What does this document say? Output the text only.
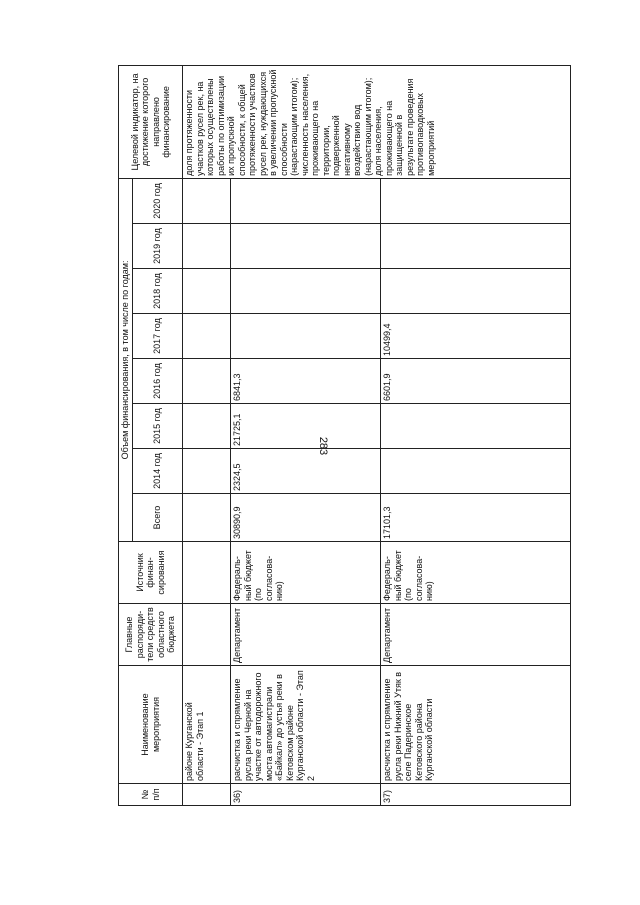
283
№ п/п	Наименование мероприятия	Главные распоряди-тели средств областного бюджета	Источник финан-сирования	Объем финансирования, в том числе по годам:								Целевой индикатор, на достижение которого направлено финансирование
				Всего	2014 год	2015 год	2016 год	2017 год	2018 год	2019 год	2020 год	
	районе Курганской области - Этап 1											доля протяженности участков русел рек, на которых осуществлены работы по оптимизации их пропускной способности, к общей протяженности участков русел рек, нуждающихся в увеличении пропускной способности (нарастающим итогом); численность населения, проживающего на территории, подверженной негативному воздействию вод (нарастающим итогом); доля населения, проживающего на защищенной в результате проведения противопаводковых мероприятий
36)	расчистка и спрямление русла реки Черной на участке от автодорожного моста автомагистрали «Байкал» до устья реки в Кетовском районе Курганской области - Этап 2	Департамент	Федераль-ный бюджет (по согласова-нию)	30890,9	2324,5	21725,1	6841,3					
37)	расчистка и спрямление русла реки Нижний Утяк в селе Падеринское Кетовского района Курганской области	Департамент	Федераль-ный бюджет (по согласова-нию)	17101,3			6601,9	10499,4				
